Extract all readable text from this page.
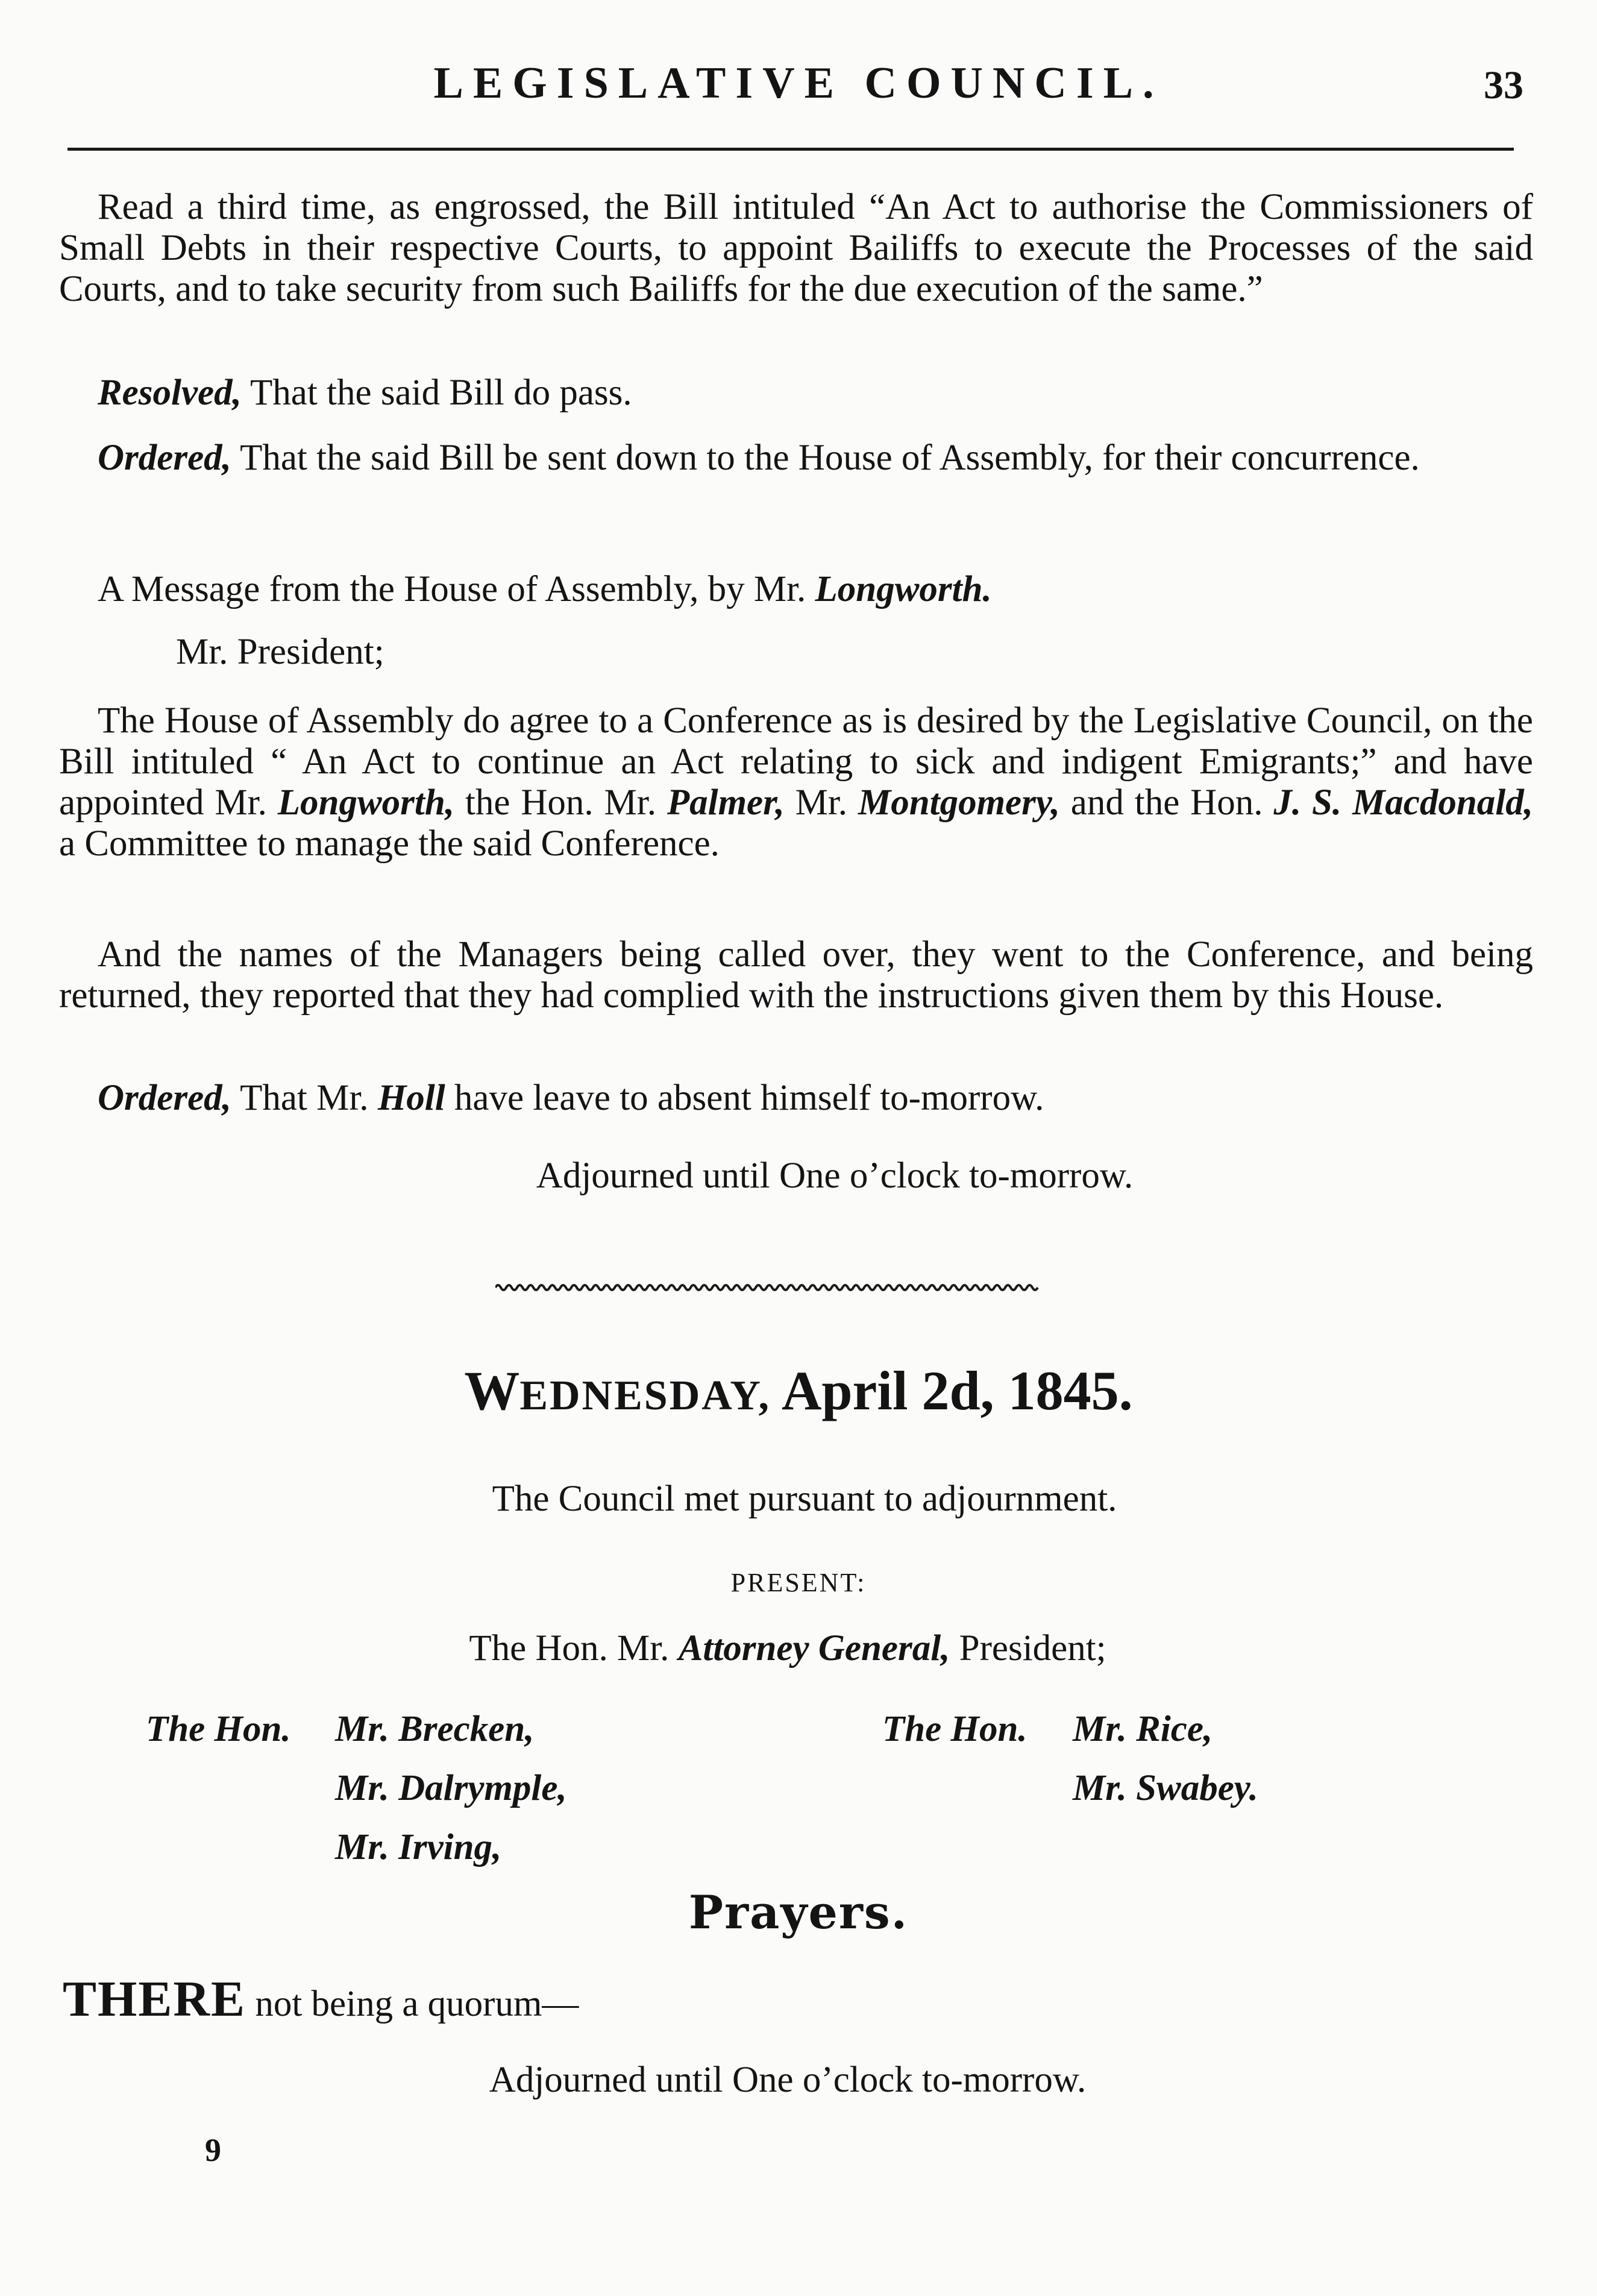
LEGISLATIVE COUNCIL.	33

Read a third time, as engrossed, the Bill intituled “An Act to authorise the Commissioners of Small Debts in their respective Courts, to appoint Bailiffs to execute the Processes of the said Courts, and to take security from such Bailiffs for the due execution of the same.”

Resolved, That the said Bill do pass.

Ordered, That the said Bill be sent down to the House of Assembly, for their concurrence.

A Message from the House of Assembly, by Mr. Longworth.

Mr. President;

The House of Assembly do agree to a Conference as is desired by the Legislative Council, on the Bill intituled “ An Act to continue an Act relating to sick and indigent Emigrants;” and have appointed Mr. Longworth, the Hon. Mr. Palmer, Mr. Montgomery, and the Hon. J. S. Macdonald, a Committee to manage the said Conference.

And the names of the Managers being called over, they went to the Conference, and being returned, they reported that they had complied with the instructions given them by this House.

Ordered, That Mr. Holl have leave to absent himself to-morrow.

Adjourned until One o’clock to-morrow.
WEDNESDAY, April 2d, 1845.
The Council met pursuant to adjournment.
PRESENT:
The Hon. Mr. Attorney General, President;
The Hon. Mr. Brecken,
Mr. Dalrymple,
Mr. Irving,
The Hon. Mr. Rice,
Mr. Swabey.
Prayers.
THERE not being a quorum—
Adjourned until One o’clock to-morrow.
9
